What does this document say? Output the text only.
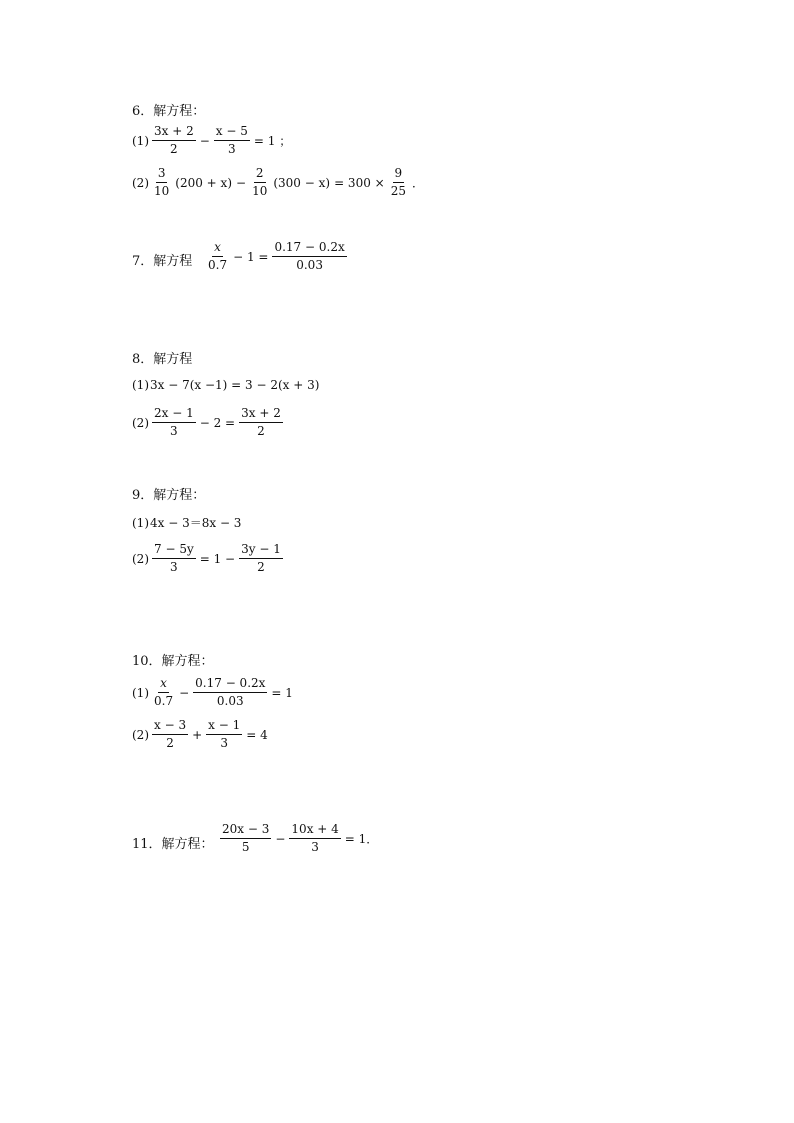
6．解方程：
$(1) \frac{3x + 2}{2} - \frac{x - 5}{3} = 1$ ；
$(2) \frac{3}{10} (200 + x) - \frac{2}{10} (300 - x) = 300 \times \frac{9}{25}$ ．
7．解方程 $\frac{x}{0.7} - 1 = \frac{0.17 - 0.2x}{0.03}$
8．解方程
(1) 3x − 7(x −1) = 3 − 2(x + 3)
$(2) \frac{2x - 1}{3} - 2 = \frac{3x + 2}{2}$
9．解方程：
(1) 4x − 3＝8x − 3
$(2) \frac{7 - 5y}{3} = 1 - \frac{3y - 1}{2}$
10．解方程：
$(1) \frac{x}{0.7} - \frac{0.17 - 0.2x}{0.03} = 1$
$(2) \frac{x - 3}{2} + \frac{x - 1}{3} = 4$
11．解方程： $\frac{20x - 3}{5} - \frac{10x + 4}{3} = 1$．
